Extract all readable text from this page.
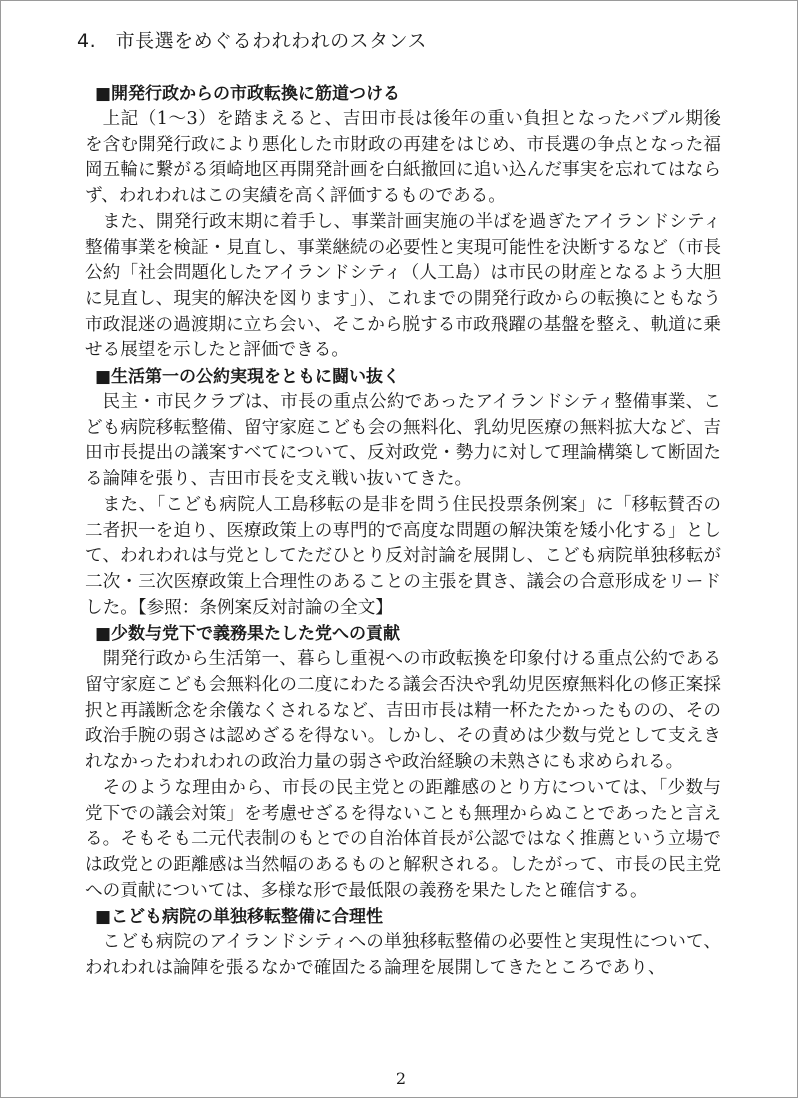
4.　市長選をめぐるわれわれのスタンス
■開発行政からの市政転換に筋道つける

上記（1～3）を踏まえると、吉田市長は後年の重い負担となったバブル期後を含む開発行政により悪化した市財政の再建をはじめ、市長選の争点となった福岡五輪に繋がる須崎地区再開発計画を白紙撤回に追い込んだ事実を忘れてはならず、われわれはこの実績を高く評価するものである。

また、開発行政末期に着手し、事業計画実施の半ばを過ぎたアイランドシティ整備事業を検証・見直し、事業継続の必要性と実現可能性を決断するなど（市長公約「社会問題化したアイランドシティ（人工島）は市民の財産となるよう大胆に見直し、現実的解決を図ります」）、これまでの開発行政からの転換にともなう市政混迷の過渡期に立ち会い、そこから脱する市政飛躍の基盤を整え、軌道に乗せる展望を示したと評価できる。

■生活第一の公約実現をともに闘い抜く

民主・市民クラブは、市長の重点公約であったアイランドシティ整備事業、こども病院移転整備、留守家庭こども会の無料化、乳幼児医療の無料拡大など、吉田市長提出の議案すべてについて、反対政党・勢力に対して理論構築して断固たる論陣を張り、吉田市長を支え戦い抜いてきた。

また、「こども病院人工島移転の是非を問う住民投票条例案」に「移転賛否の二者択一を迫り、医療政策上の専門的で高度な問題の解決策を矮小化する」として、われわれは与党としてただひとり反対討論を展開し、こども病院単独移転が二次・三次医療政策上合理性のあることの主張を貫き、議会の合意形成をリードした。【参照：条例案反対討論の全文】

■少数与党下で義務果たした党への貢献

開発行政から生活第一、暮らし重視への市政転換を印象付ける重点公約である留守家庭こども会無料化の二度にわたる議会否決や乳幼児医療無料化の修正案採択と再議断念を余儀なくされるなど、吉田市長は精一杯たたかったものの、その政治手腕の弱さは認めざるを得ない。しかし、その責めは少数与党として支えきれなかったわれわれの政治力量の弱さや政治経験の未熟さにも求められる。

そのような理由から、市長の民主党との距離感のとり方については、「少数与党下での議会対策」を考慮せざるを得ないことも無理からぬことであったと言える。そもそも二元代表制のもとでの自治体首長が公認ではなく推薦という立場では政党との距離感は当然幅のあるものと解釈される。したがって、市長の民主党への貢献については、多様な形で最低限の義務を果たしたと確信する。

■こども病院の単独移転整備に合理性

こども病院のアイランドシティへの単独移転整備の必要性と実現性について、われわれは論陣を張るなかで確固たる論理を展開してきたところであり、

2
